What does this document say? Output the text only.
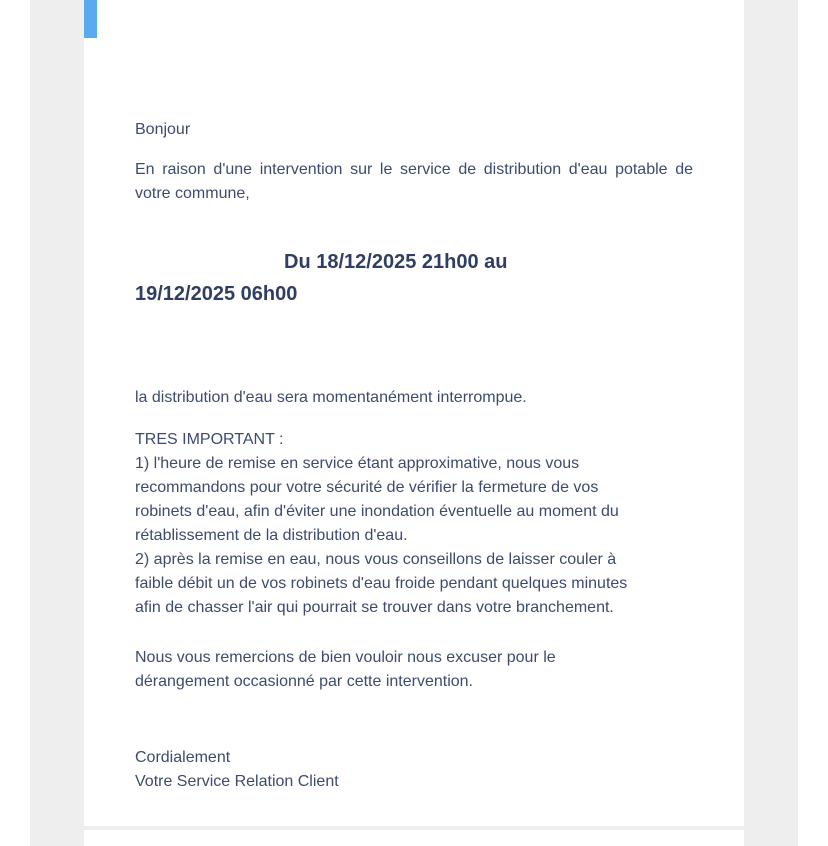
Bonjour

En raison d'une intervention sur le service de distribution d'eau potable de votre commune,

Du 18/12/2025 21h00 au
19/12/2025 06h00

la distribution d'eau sera momentanément interrompue.

TRES IMPORTANT :
1) l'heure de remise en service étant approximative, nous vous
recommandons pour votre sécurité de vérifier la fermeture de vos
robinets d'eau, afin d'éviter une inondation éventuelle au moment du
rétablissement de la distribution d'eau.
2) après la remise en eau, nous vous conseillons de laisser couler à
faible débit un de vos robinets d'eau froide pendant quelques minutes
afin de chasser l'air qui pourrait se trouver dans votre branchement.
Nous vous remercions de bien vouloir nous excuser pour le
dérangement occasionné par cette intervention.
Cordialement
Votre Service Relation Client
